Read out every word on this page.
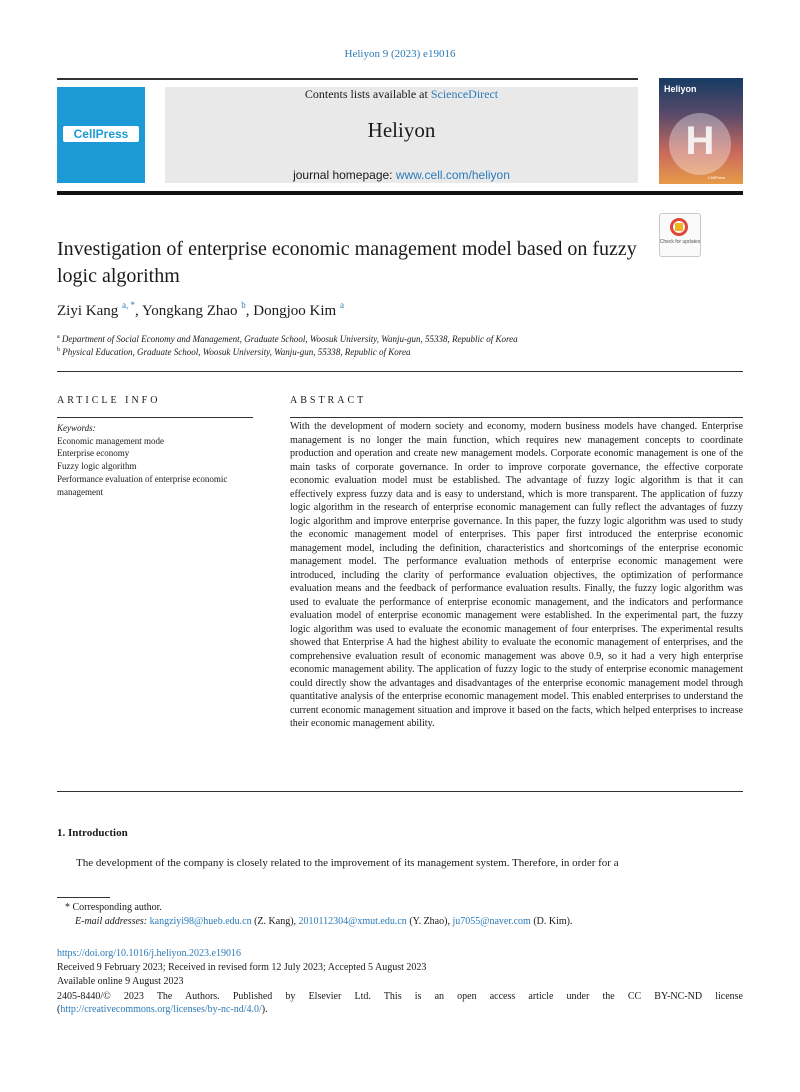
Heliyon 9 (2023) e19016
CellPress
Contents lists available at ScienceDirect
Heliyon
journal homepage: www.cell.com/heliyon
Heliyon
H
CellPress
Check for updates
Investigation of enterprise economic management model based on fuzzy logic algorithm
Ziyi Kang $^{a, *}$, Yongkang Zhao $^b$, Dongjoo Kim $^a$
$^a$ Department of Social Economy and Management, Graduate School, Woosuk University, Wanju-gun, 55338, Republic of Korea
$^b$ Physical Education, Graduate School, Woosuk University, Wanju-gun, 55338, Republic of Korea
ARTICLE INFO	ABSTRACT
Keywords:
Economic management mode
Enterprise economy
Fuzzy logic algorithm
Performance evaluation of enterprise economic management
With the development of modern society and economy, modern business models have changed. Enterprise management is no longer the main function, which requires new management concepts to coordinate production and operation and create new management models. Corporate economic management is one of the main tasks of corporate governance. In order to improve corporate governance, the effective corporate economic evaluation model must be established. The advantage of fuzzy logic algorithm is that it can effectively express fuzzy data and is easy to understand, which is more transparent. The application of fuzzy logic algorithm in the research of enterprise economic management can fully reflect the advantages of fuzzy logic algorithm and improve enterprise governance. In this paper, the fuzzy logic algorithm was used to study the economic management model of enterprises. This paper first introduced the enterprise economic management model, including the definition, characteristics and shortcomings of the enterprise economic management model. The performance evaluation methods of enterprise economic management were introduced, including the clarity of performance evaluation objectives, the optimization of performance evaluation means and the feedback of performance evaluation results. Finally, the fuzzy logic algorithm was used to evaluate the performance of enterprise economic management, and the indicators and performance evaluation model of enterprise economic management were established. In the experimental part, the fuzzy logic algorithm was used to evaluate the economic management of four enterprises. The experimental results showed that Enterprise A had the highest ability to evaluate the economic management of enterprises, and the comprehensive evaluation result of economic management was above 0.9, so it had a very high enterprise economic management ability. The application of fuzzy logic to the study of enterprise economic management could directly show the advantages and disadvantages of the enterprise economic management model through quantitative analysis of the enterprise economic management model. This enabled enterprises to understand the current economic management situation and improve it based on the facts, which helped enterprises to increase their economic management ability.
1. Introduction
The development of the company is closely related to the improvement of its management system. Therefore, in order for a
* Corresponding author.
E-mail addresses: kangziyi98@hueb.edu.cn (Z. Kang), 2010112304@xmut.edu.cn (Y. Zhao), ju7055@naver.com (D. Kim).
https://doi.org/10.1016/j.heliyon.2023.e19016
Received 9 February 2023; Received in revised form 12 July 2023; Accepted 5 August 2023
Available online 9 August 2023
2405-8440/© 2023 The Authors. Published by Elsevier Ltd. This is an open access article under the CC BY-NC-ND license
(http://creativecommons.org/licenses/by-nc-nd/4.0/).
